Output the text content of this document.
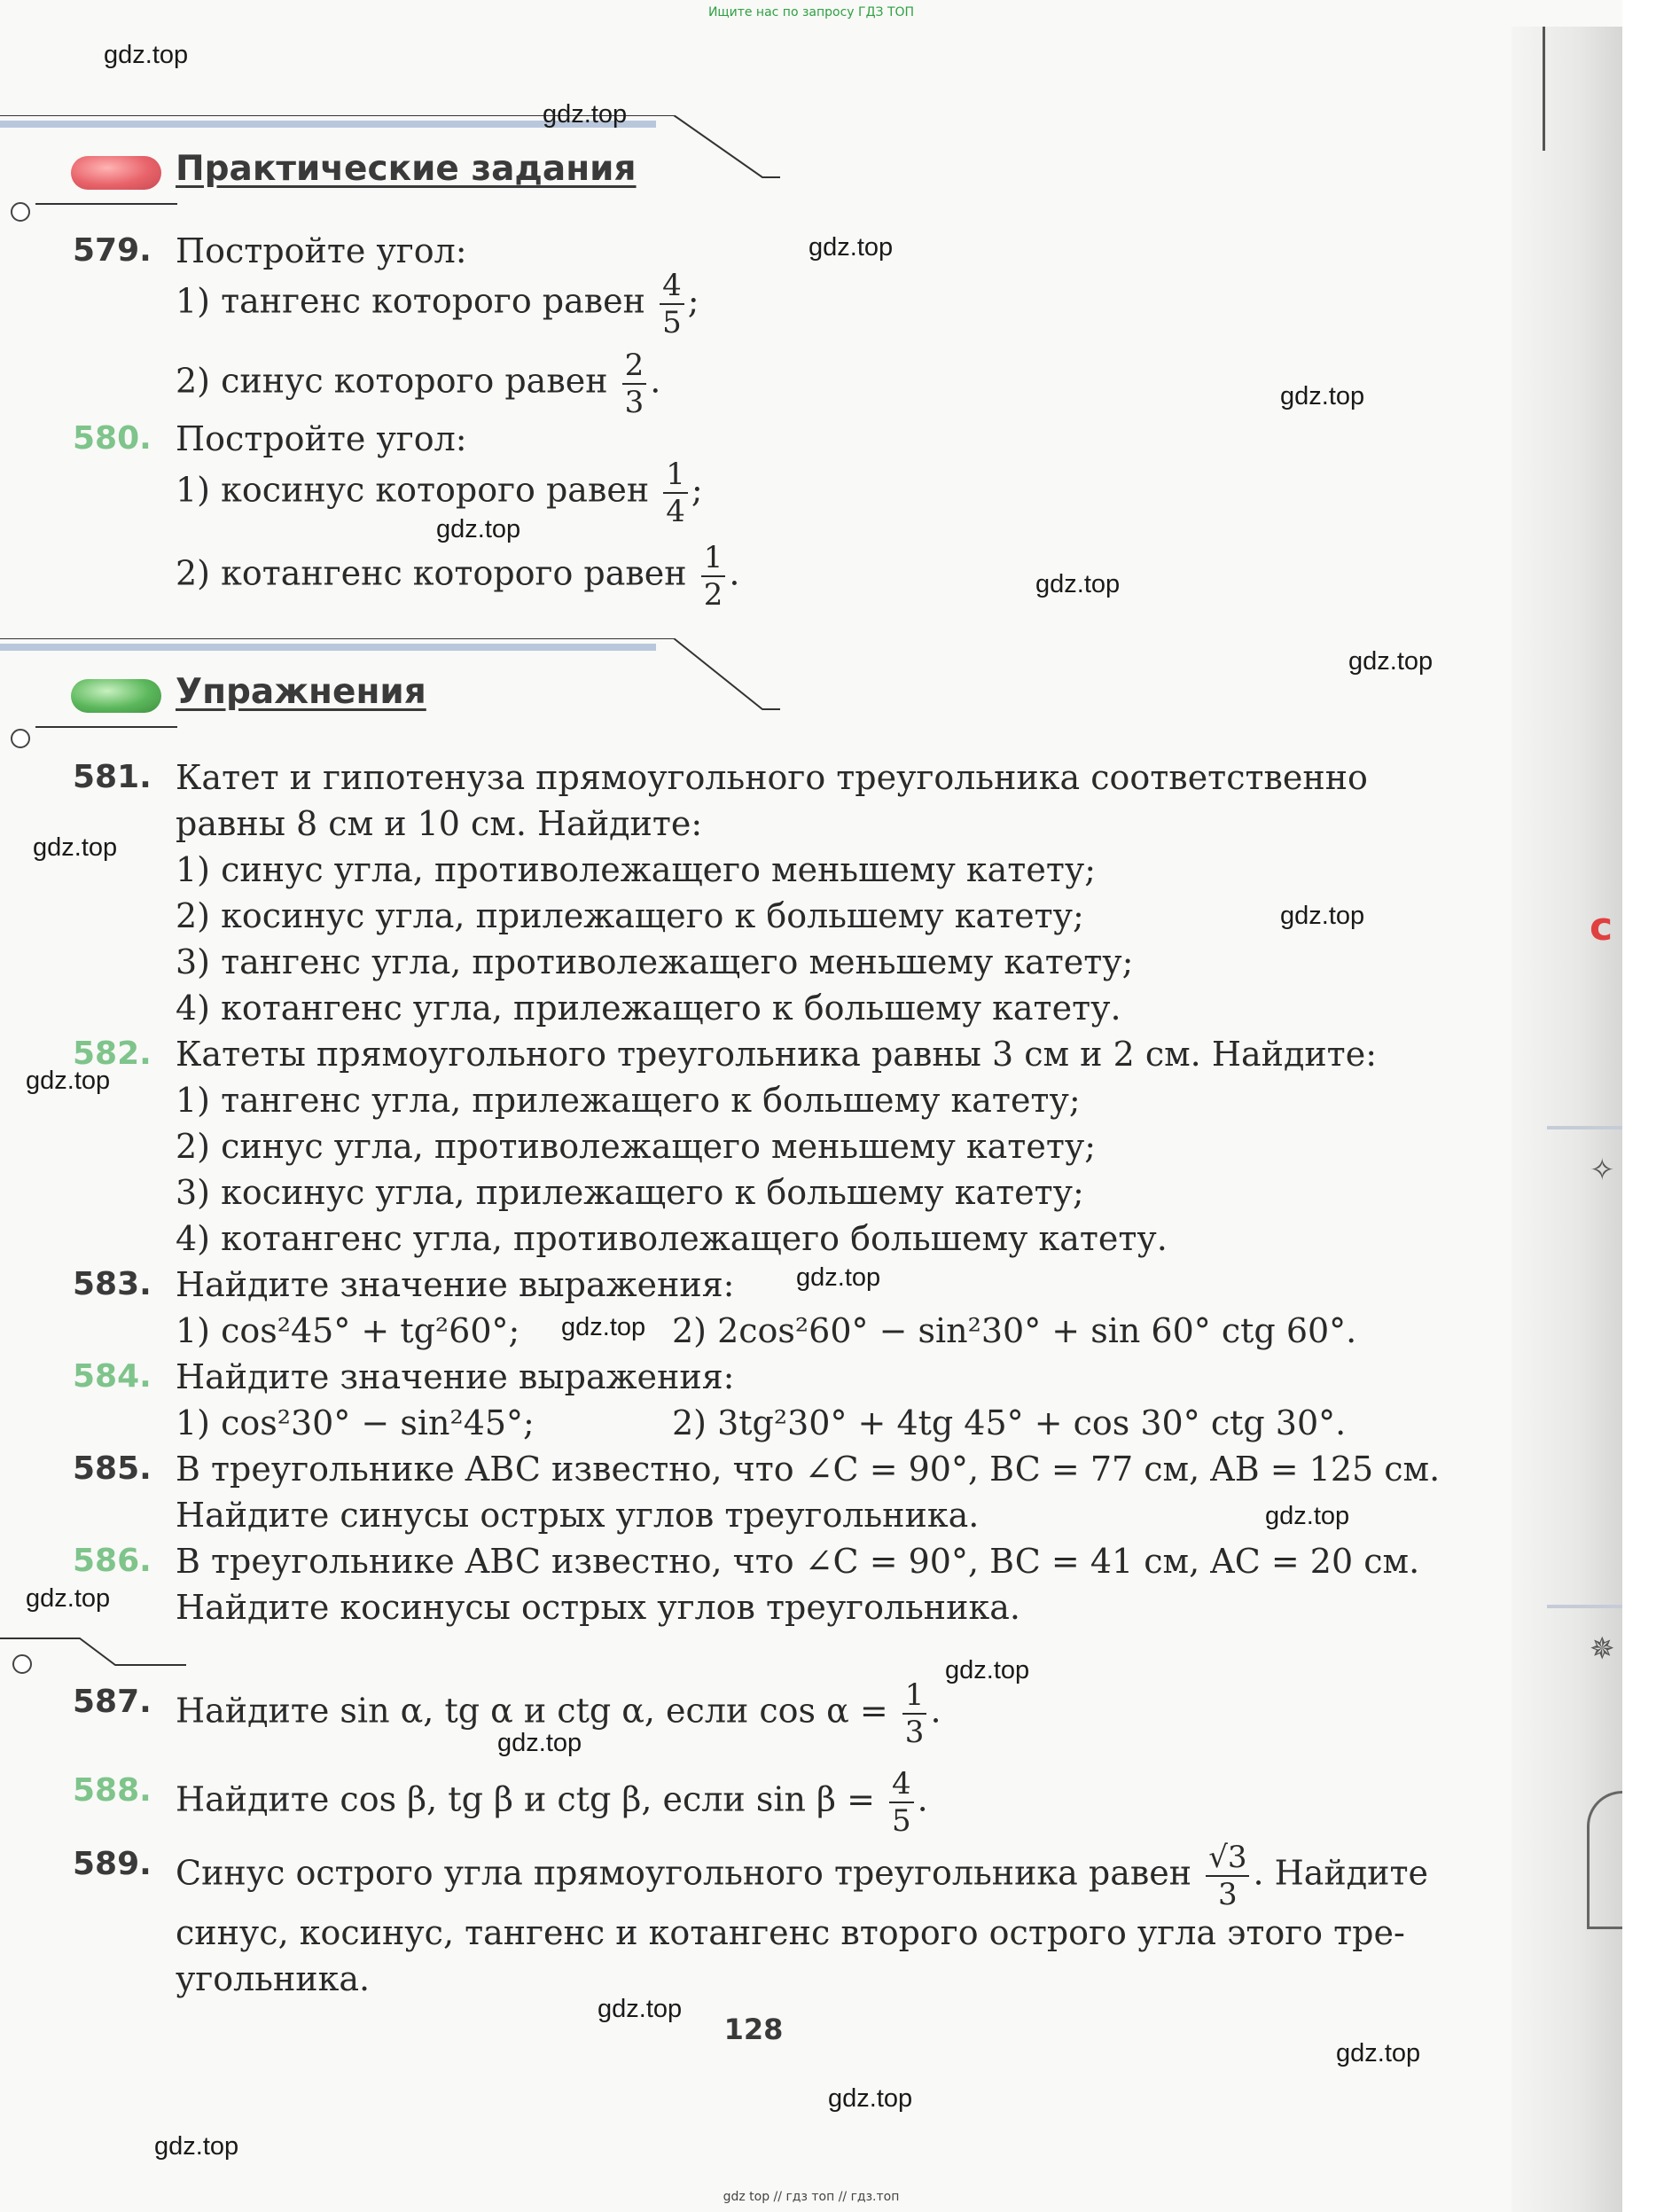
c
✧
✵
Ищите нас по запросу ГДЗ ТОП
Практические задания
579. Постройте угол:
1) тангенс которого равен $\frac{4}{5}$ ;
2) синус которого равен $\frac{2}{3}$ .
580. Постройте угол:
1) косинус которого равен $\frac{1}{4}$ ;
2) котангенс которого равен $\frac{1}{2}$ .
Упражнения
581. Катет и гипотенуза прямоугольного треугольника соответственно
равны 8 см и 10 см. Найдите:
1) синус угла, противолежащего меньшему катету;
2) косинус угла, прилежащего к большему катету;
3) тангенс угла, противолежащего меньшему катету;
4) котангенс угла, прилежащего к большему катету.
582. Катеты прямоугольного треугольника равны 3 см и 2 см. Найдите:
1) тангенс угла, прилежащего к большему катету;
2) синус угла, противолежащего меньшему катету;
3) косинус угла, прилежащего к большему катету;
4) котангенс угла, противолежащего большему катету.
583. Найдите значение выражения:
1) cos²45° + tg²60°;	2) 2cos²60° − sin²30° + sin 60° ctg 60°.
584. Найдите значение выражения:
1) cos²30° − sin²45°;	2) 3tg²30° + 4tg 45° + cos 30° ctg 30°.
585. В треугольнике ABC известно, что ∠C = 90°, BC = 77 см, AB = 125 см.
Найдите синусы острых углов треугольника.
586. В треугольнике ABC известно, что ∠C = 90°, BC = 41 см, AC = 20 см.
Найдите косинусы острых углов треугольника.
587. Найдите sin α, tg α и ctg α, если $\cos \alpha = \frac{1}{3}$ .
588. Найдите cos β, tg β и ctg β, если $\sin \beta = \frac{4}{5}$ .
589. Синус острого угла прямоугольного треугольника равен $\frac{√3}{3}$ . Найдите
синус, косинус, тангенс и котангенс второго острого угла этого тре-
угольника.
128
gdz.top
gdz.top
gdz.top
gdz.top
gdz.top
gdz.top
gdz.top
gdz.top
gdz.top
gdz.top
gdz.top
gdz.top
gdz.top
gdz.top
gdz.top
gdz.top
gdz.top
gdz.top
gdz.top
gdz.top
gdz top // гдз топ // гдз.топ
